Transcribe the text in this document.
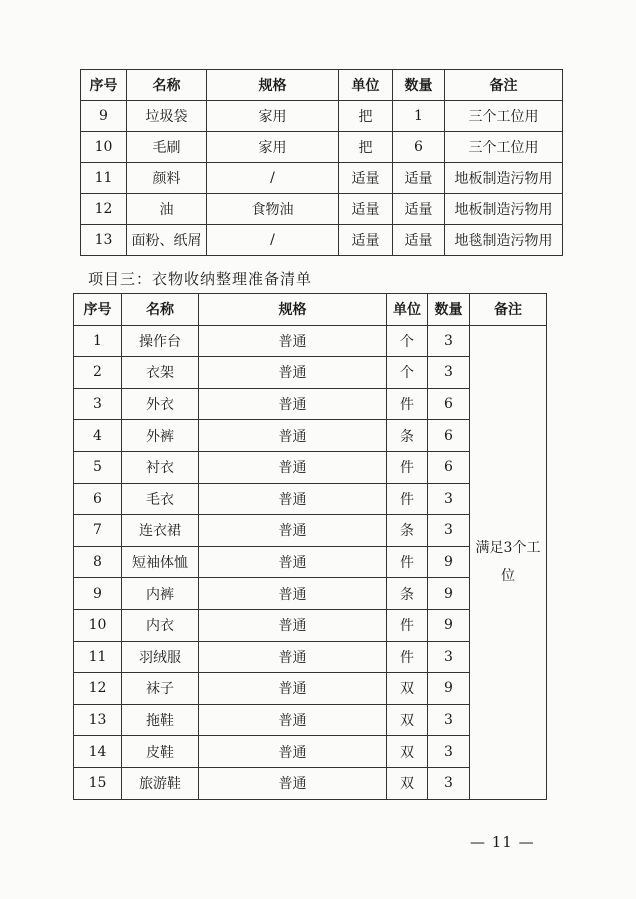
序号	名称	规格	单位	数量	备注
9	垃圾袋	家用	把	1	三个工位用
10	毛刷	家用	把	6	三个工位用
11	颜料	/	适量	适量	地板制造污物用
12	油	食物油	适量	适量	地板制造污物用
13	面粉、纸屑	/	适量	适量	地毯制造污物用
项目三：衣物收纳整理准备清单
序号	名称	规格	单位	数量	备注
1	操作台	普通	个	3	满足3个工位
2	衣架	普通	个	3	
3	外衣	普通	件	6	
4	外裤	普通	条	6	
5	衬衣	普通	件	6	
6	毛衣	普通	件	3	
7	连衣裙	普通	条	3	
8	短袖体恤	普通	件	9	
9	内裤	普通	条	9	
10	内衣	普通	件	9	
11	羽绒服	普通	件	3	
12	袜子	普通	双	9	
13	拖鞋	普通	双	3	
14	皮鞋	普通	双	3	
15	旅游鞋	普通	双	3	
— 11 —
